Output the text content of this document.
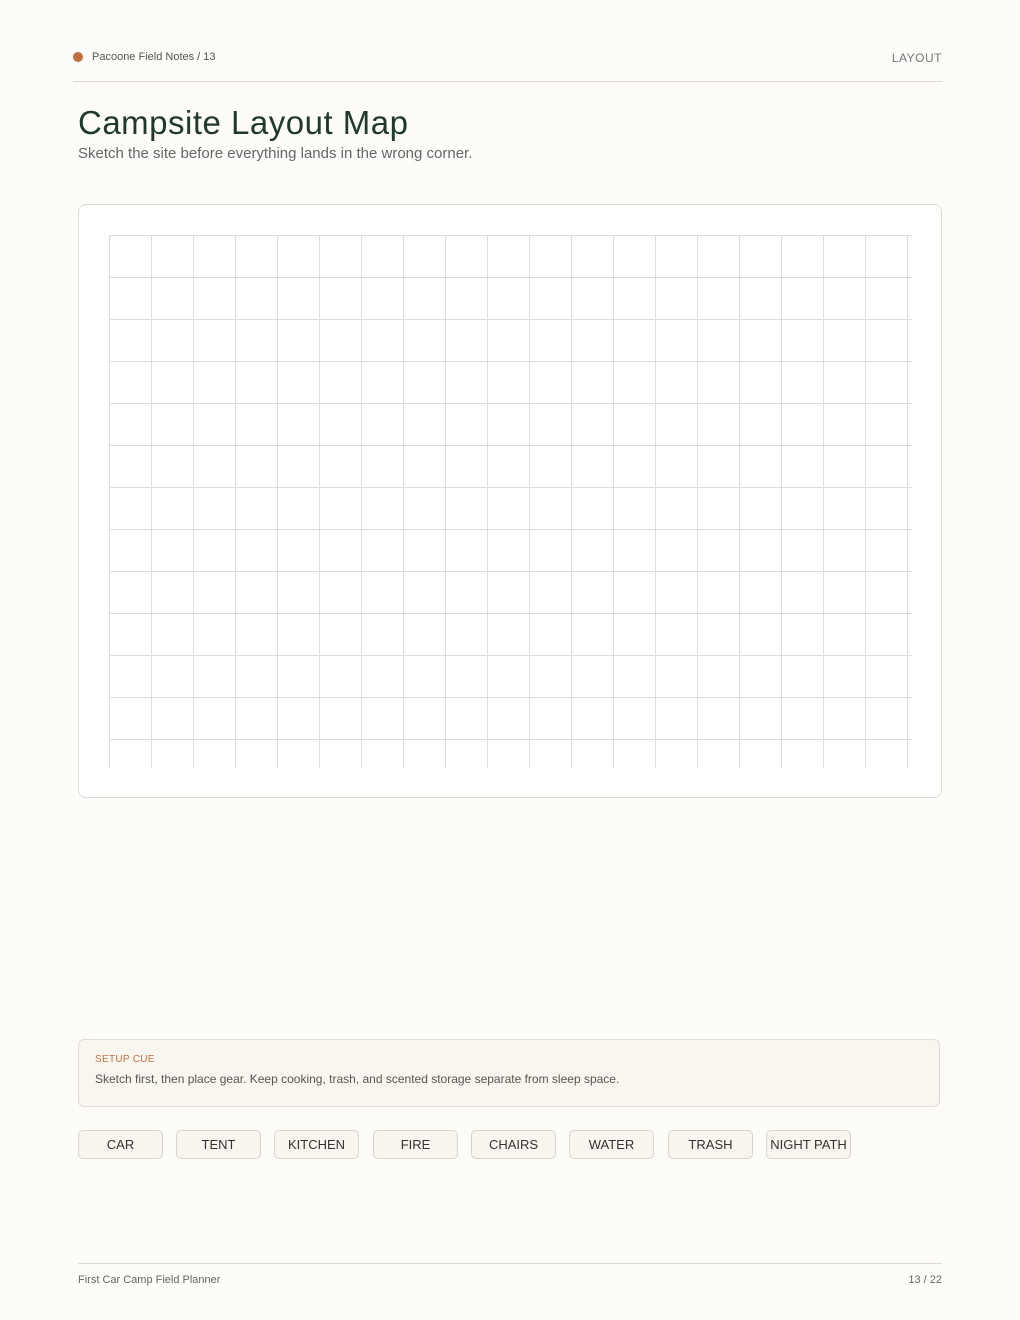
Pacoone Field Notes / 13	LAYOUT
Campsite Layout Map

Sketch the site before everything lands in the wrong corner.

SETUP CUE
Sketch first, then place gear. Keep cooking, trash, and scented storage separate from sleep space.
CAR	TENT	KITCHEN	FIRE	CHAIRS	WATER	TRASH	NIGHT PATH
First Car Camp Field Planner	13 / 22
